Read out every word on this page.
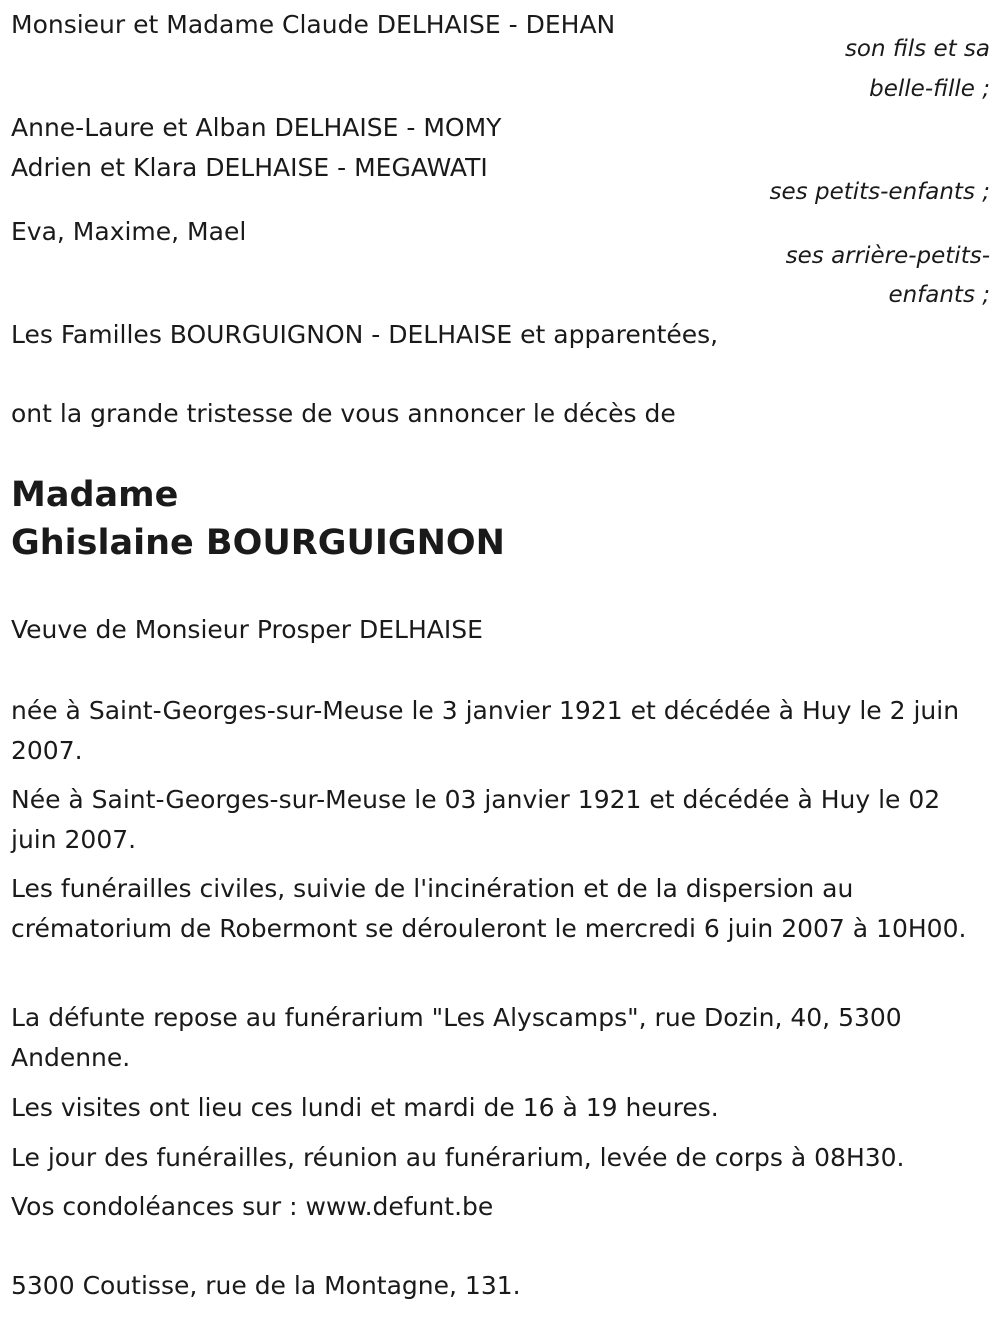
Monsieur et Madame Claude DELHAISE - DEHAN
son fils et sa
belle-fille ;
Anne-Laure et Alban DELHAISE - MOMY
Adrien et Klara DELHAISE - MEGAWATI
ses petits-enfants ;
Eva, Maxime, Mael
ses arrière-petits-
enfants ;
Les Familles BOURGUIGNON - DELHAISE et apparentées,
ont la grande tristesse de vous annoncer le décès de
Madame
Ghislaine BOURGUIGNON
Veuve de Monsieur Prosper DELHAISE
née à Saint-Georges-sur-Meuse le 3 janvier 1921 et décédée à Huy le 2 juin 2007.
Née à Saint-Georges-sur-Meuse le 03 janvier 1921 et décédée à Huy le 02 juin 2007.
Les funérailles civiles, suivie de l'incinération et de la dispersion au crématorium de Robermont se dérouleront le mercredi 6 juin 2007 à 10H00.
La défunte repose au funérarium "Les Alyscamps", rue Dozin, 40, 5300 Andenne.
Les visites ont lieu ces lundi et mardi de 16 à 19 heures.
Le jour des funérailles, réunion au funérarium, levée de corps à 08H30.
Vos condoléances sur : www.defunt.be
5300 Coutisse, rue de la Montagne, 131.
